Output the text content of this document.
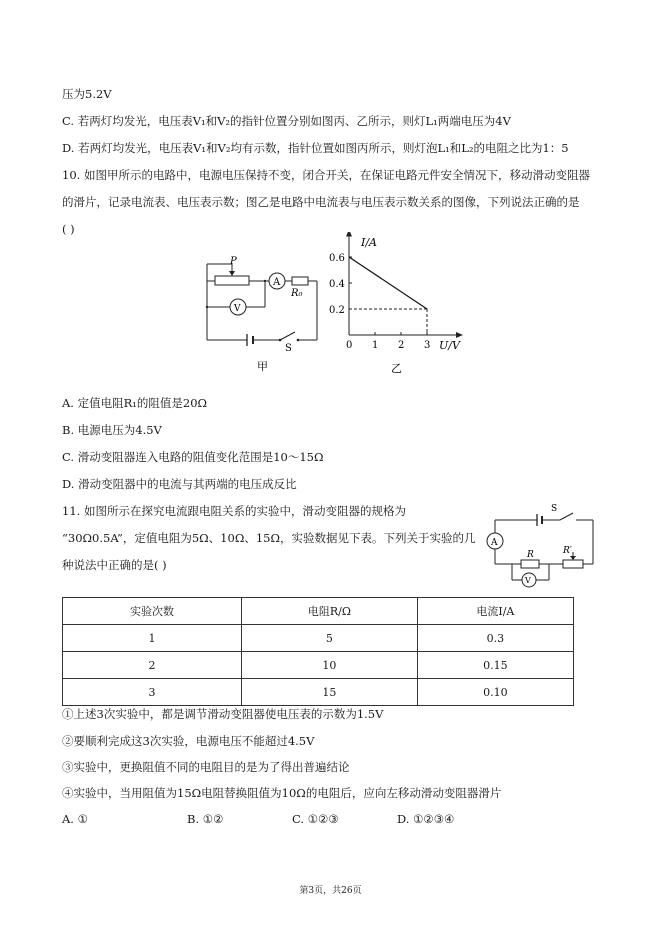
压为5.2V
C. 若两灯均发光，电压表V₁和V₂的指针位置分别如图丙、乙所示，则灯L₁两端电压为4V
D. 若两灯均发光，电压表V₁和V₂均有示数，指针位置如图丙所示，则灯泡L₁和L₂的电阻之比为1：5
10. 如图甲所示的电路中，电源电压保持不变，闭合开关，在保证电路元件安全情况下，移动滑动变阻器
的滑片，记录电流表、电压表示数；图乙是电路中电流表与电压表示数关系的图像，下列说法正确的是
( )
P
A
R₀
V
S
甲
0 1 2 3
0.2
0.4
0.6
I/A
U/V
乙
A. 定值电阻R₁的阻值是20Ω
B. 电源电压为4.5V
C. 滑动变阻器连入电路的阻值变化范围是10～15Ω
D. 滑动变阻器中的电流与其两端的电压成反比
11. 如图所示在探究电流跟电阻关系的实验中，滑动变阻器的规格为
“30Ω0.5A”，定值电阻为5Ω、10Ω、15Ω，实验数据见下表。下列关于实验的几
种说法中正确的是( )
S
A
R	R′
V
实验次数	电阻R/Ω	电流I/A
1	5	0.3
2	10	0.15
3	15	0.10
①上述3次实验中，都是调节滑动变阻器使电压表的示数为1.5V
②要顺利完成这3次实验，电源电压不能超过4.5V
③实验中，更换阻值不同的电阻目的是为了得出普遍结论
④实验中，当用阻值为15Ω电阻替换阻值为10Ω的电阻后，应向左移动滑动变阻器滑片
A. ①	B. ①②	C. ①②③	D. ①②③④
第3页，共26页
